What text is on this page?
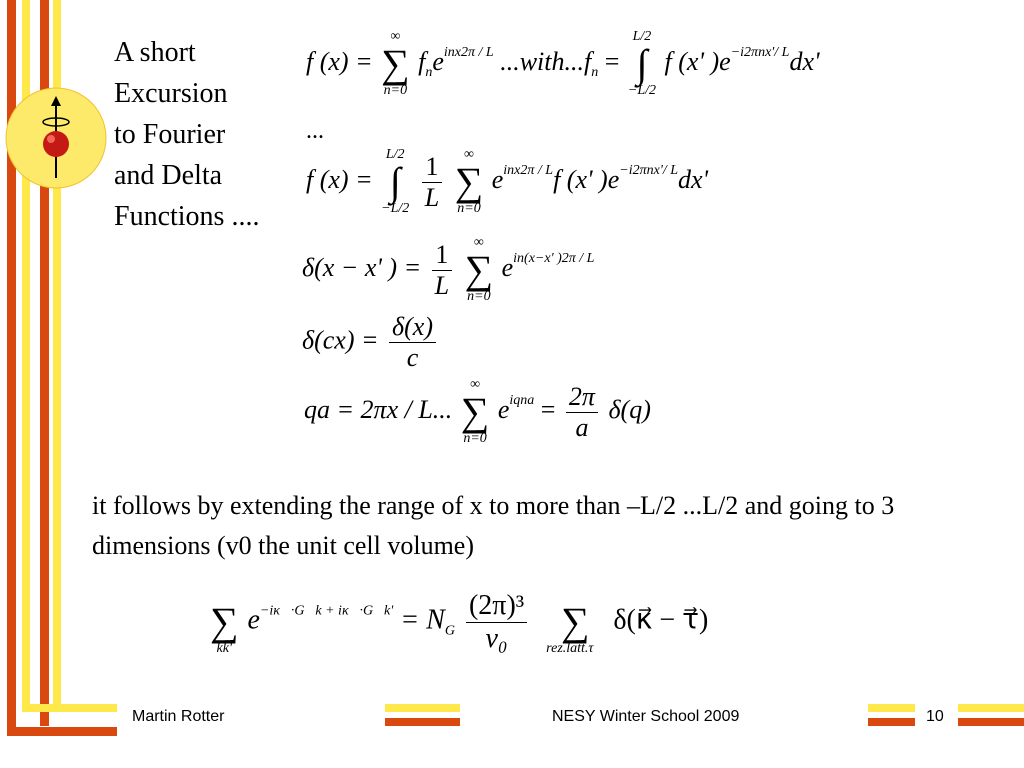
A short
Excursion
to Fourier
and Delta
Functions ....
f (x) =
∞
∑
n=0
$f_ne^{inx2\pi / L}$ $...with...f_n$ =
L/2
∫
−L/2
f (x' )$e^{-i2\pi nx'/ L}dx'$
...
f (x) =
L/2
∫
−L/2
$\frac{1}{L}$
	∞
∑
n=0
$e^{inx2\pi / L}f$ (x' )$e^{-i2\pi nx'/ L}dx'$
δ(x − x' ) = $\frac{1}{L}$
	∞
∑
n=0
$e^{in(x-x' )2\pi / L}$
$\delta(cx) = \frac{\delta(x)}{c}$
qa = 2πx / L...
∞
∑
n=0
$e^{iqna} = \frac{2\pi}{a} \delta(q)$
it follows by extending the range of x to more than –L/2 ...L/2 and going to 3 dimensions (v0 the unit cell volume)

∑
kk'
$e^{-i\kappa⃗\cdot G⃗k + i\kappa⃗\cdot G⃗k'} = N_G \frac{\text{(2π)³}}{\text{v₀}}$

∑
rez.latt.τ⃗
δ(κ⃗ − τ⃗)
Martin Rotter	NESY Winter School 2009	10
